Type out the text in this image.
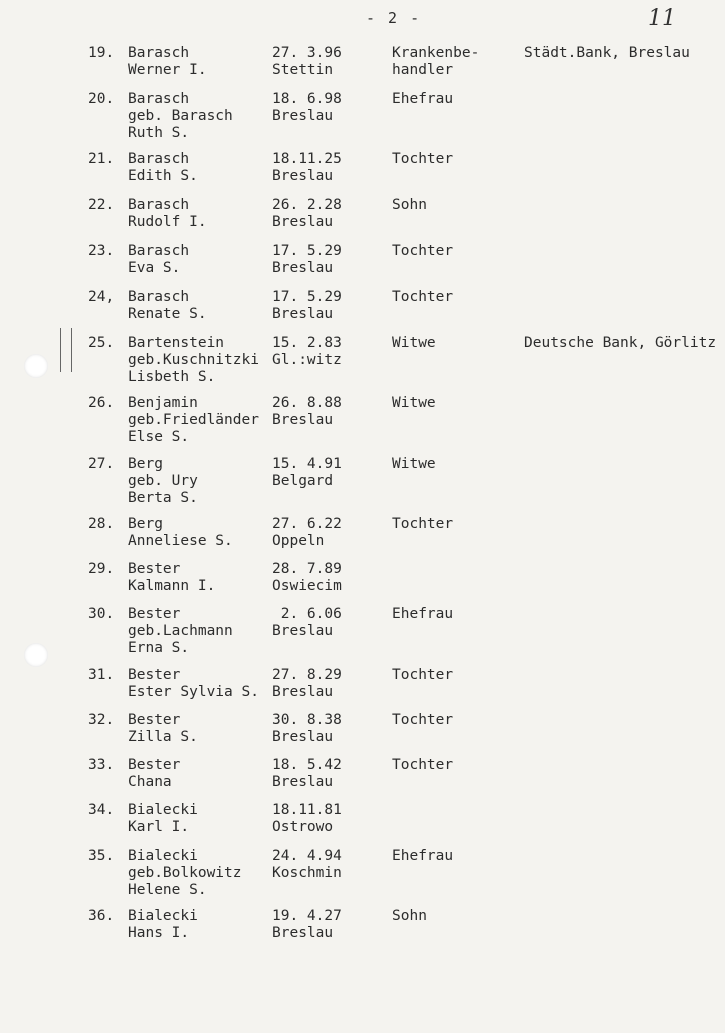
- 2 -	11
19. Barasch
Werner I.
27. 3.96
Stettin
Krankenbe-
handler
Städt.Bank, Breslau
20. Barasch
geb. Barasch
Ruth S.
18. 6.98
Breslau
Ehefrau
21. Barasch
Edith S.
18.11.25
Breslau
Tochter
22. Barasch
Rudolf I.
26. 2.28
Breslau
Sohn
23. Barasch
Eva S.
17. 5.29
Breslau
Tochter
24, Barasch
Renate S.
17. 5.29
Breslau
Tochter
25. Bartenstein
geb.Kuschnitzki
Lisbeth S.
15. 2.83
Gl.:witz
Witwe	Deutsche Bank, Görlitz
26. Benjamin
geb.Friedländer
Else S.
26. 8.88
Breslau
Witwe
27. Berg
geb. Ury
Berta S.
15. 4.91
Belgard
Witwe
28. Berg
Anneliese S.
27. 6.22
Oppeln
Tochter
29. Bester
Kalmann I.
28. 7.89
Oswiecim
30. Bester
geb.Lachmann
Erna S.
2. 6.06
Breslau
Ehefrau
31. Bester
Ester Sylvia S.
27. 8.29
Breslau
Tochter
32. Bester
Zilla S.
30. 8.38
Breslau
Tochter
33. Bester
Chana
18. 5.42
Breslau
Tochter
34. Bialecki
Karl I.
18.11.81
Ostrowo
35. Bialecki
geb.Bolkowitz
Helene S.
24. 4.94
Koschmin
Ehefrau
36. Bialecki
Hans I.
19. 4.27
Breslau
Sohn
